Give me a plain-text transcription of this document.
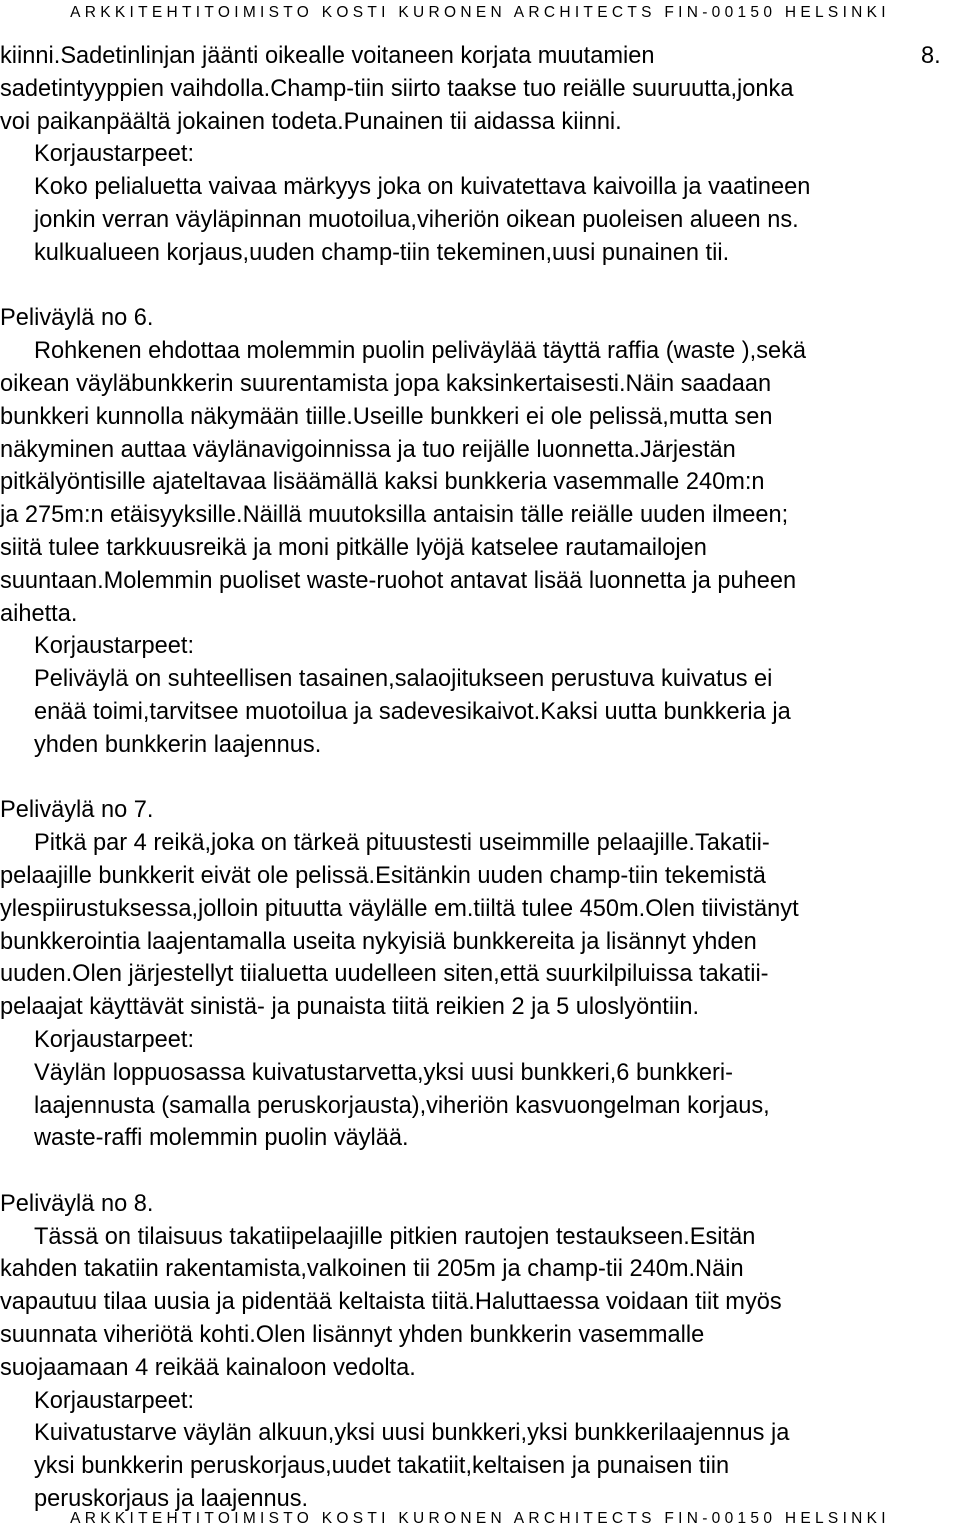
ARKKITEHTITOIMISTO KOSTI KURONEN ARCHITECTS FIN-00150 HELSINKI
kiinni.Sadetinlinjan jäänti oikealle voitaneen korjata muutamien	8.
sadetintyyppien vaihdolla.Champ-tiin siirto taakse tuo reiälle suuruutta,jonka
voi paikanpäältä jokainen todeta.Punainen tii aidassa kiinni.
Korjaustarpeet:
Koko pelialuetta vaivaa märkyys joka on kuivatettava kaivoilla ja vaatineen
jonkin verran väyläpinnan muotoilua,viheriön oikean puoleisen alueen ns.
kulkualueen korjaus,uuden champ-tiin tekeminen,uusi punainen tii.
Peliväylä no 6.
Rohkenen ehdottaa molemmin puolin peliväylää täyttä raffia (waste ),sekä
oikean väyläbunkkerin suurentamista jopa kaksinkertaisesti.Näin saadaan
bunkkeri kunnolla näkymään tiille.Useille bunkkeri ei ole pelissä,mutta sen
näkyminen auttaa väylänavigoinnissa ja tuo reijälle luonnetta.Järjestän
pitkälyöntisille ajateltavaa lisäämällä kaksi bunkkeria vasemmalle 240m:n
ja 275m:n etäisyyksille.Näillä muutoksilla antaisin tälle reiälle uuden ilmeen;
siitä tulee tarkkuusreikä ja moni pitkälle lyöjä katselee rautamailojen
suuntaan.Molemmin puoliset waste-ruohot antavat lisää luonnetta ja puheen
aihetta.
Korjaustarpeet:
Peliväylä on suhteellisen tasainen,salaojitukseen perustuva kuivatus ei
enää toimi,tarvitsee muotoilua ja sadevesikaivot.Kaksi uutta bunkkeria ja
yhden bunkkerin laajennus.
Peliväylä no 7.
Pitkä par 4 reikä,joka on tärkeä pituustesti useimmille pelaajille.Takatii-
pelaajille bunkkerit eivät ole pelissä.Esitänkin uuden champ-tiin tekemistä
ylespiirustuksessa,jolloin pituutta väylälle em.tiiltä tulee 450m.Olen tiivistänyt
bunkkerointia laajentamalla useita nykyisiä bunkkereita ja lisännyt yhden
uuden.Olen järjestellyt tiialuetta uudelleen siten,että suurkilpiluissa takatii-
pelaajat käyttävät sinistä- ja punaista tiitä reikien 2 ja 5 uloslyöntiin.
Korjaustarpeet:
Väylän loppuosassa kuivatustarvetta,yksi uusi bunkkeri,6 bunkkeri-
laajennusta (samalla peruskorjausta),viheriön kasvuongelman korjaus,
waste-raffi molemmin puolin väylää.
Peliväylä no 8.
Tässä on tilaisuus takatiipelaajille pitkien rautojen testaukseen.Esitän
kahden takatiin rakentamista,valkoinen tii 205m ja champ-tii 240m.Näin
vapautuu tilaa uusia ja pidentää keltaista tiitä.Haluttaessa voidaan tiit myös
suunnata viheriötä kohti.Olen lisännyt yhden bunkkerin vasemmalle
suojaamaan 4 reikää kainaloon vedolta.
Korjaustarpeet:
Kuivatustarve väylän alkuun,yksi uusi bunkkeri,yksi bunkkerilaajennus ja
yksi bunkkerin peruskorjaus,uudet takatiit,keltaisen ja punaisen tiin
peruskorjaus ja laajennus.
ARKKITEHTITOIMISTO KOSTI KURONEN ARCHITECTS FIN-00150 HELSINKI
